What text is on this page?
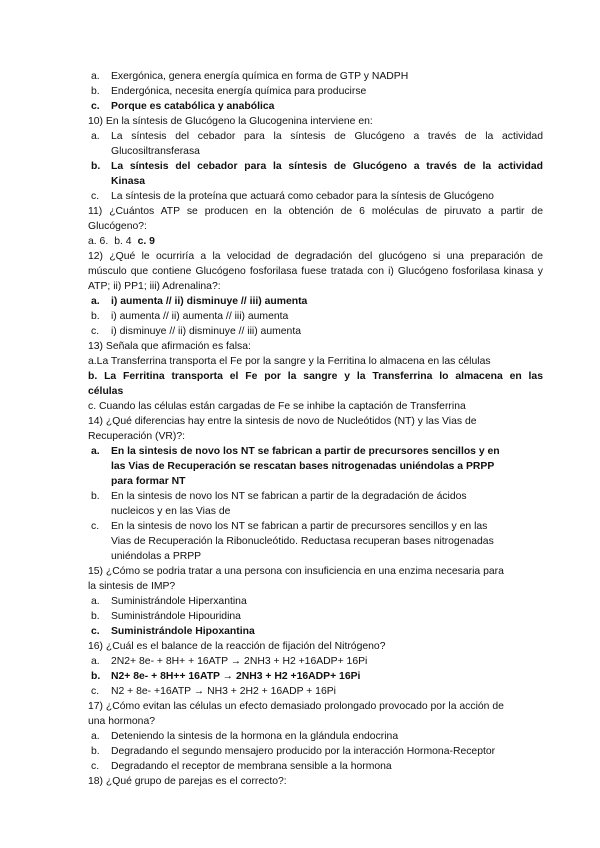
a. Exergónica, genera energía química en forma de GTP y NADPH
b. Endergónica, necesita energía química para producirse
c. Porque es catabólica y anabólica
10) En la síntesis de Glucógeno la Glucogenina interviene en:
a. La síntesis del cebador para la síntesis de Glucógeno a través de la actividad
Glucosiltransferasa
b. La síntesis del cebador para la síntesis de Glucógeno a través de la actividad
Kinasa
c. La síntesis de la proteína que actuará como cebador para la síntesis de Glucógeno
11) ¿Cuántos ATP se producen en la obtención de 6 moléculas de piruvato a partir de
Glucógeno?:
a. 6. b. 4 c. 9
12) ¿Qué le ocurriría a la velocidad de degradación del glucógeno si una preparación de
músculo que contiene Glucógeno fosforilasa fuese tratada con i) Glucógeno fosforilasa kinasa y
ATP; ii) PP1; iii) Adrenalina?:
a. i) aumenta // ii) disminuye // iii) aumenta
b. i) aumenta // ii) aumenta // iii) aumenta
c. i) disminuye // ii) disminuye // iii) aumenta
13) Señala que afirmación es falsa:
a.La Transferrina transporta el Fe por la sangre y la Ferritina lo almacena en las células
b. La Ferritina transporta el Fe por la sangre y la Transferrina lo almacena en las
células
c. Cuando las células están cargadas de Fe se inhibe la captación de Transferrina
14) ¿Qué diferencias hay entre la sintesis de novo de Nucleótidos (NT) y las Vias de
Recuperación (VR)?:
a. En la sintesis de novo los NT se fabrican a partir de precursores sencillos y en
las Vias de Recuperación se rescatan bases nitrogenadas uniéndolas a PRPP
para formar NT
b. En la sintesis de novo los NT se fabrican a partir de la degradación de ácidos
nucleicos y en las Vias de
c. En la sintesis de novo los NT se fabrican a partir de precursores sencillos y en las
Vias de Recuperación la Ribonucleótido. Reductasa recuperan bases nitrogenadas
uniéndolas a PRPP
15) ¿Cómo se podria tratar a una persona con insuficiencia en una enzima necesaria para
la sintesis de IMP?
a. Suministrándole Hiperxantina
b. Suministrándole Hipouridina
c. Suministrándole Hipoxantina
16) ¿Cuál es el balance de la reacción de fijación del Nitrógeno?
a. 2N2+ 8e- + 8H+ + 16ATP → 2NH3 + H2 +16ADP+ 16Pi
b. N2+ 8e- + 8H++ 16ATP → 2NH3 + H2 +16ADP+ 16Pi
c. N2 + 8e- +16ATP → NH3 + 2H2 + 16ADP + 16Pi
17) ¿Cómo evitan las células un efecto demasiado prolongado provocado por la acción de
una hormona?
a. Deteniendo la sintesis de la hormona en la glándula endocrina
b. Degradando el segundo mensajero producido por la interacción Hormona-Receptor
c. Degradando el receptor de membrana sensible a la hormona
18) ¿Qué grupo de parejas es el correcto?:
